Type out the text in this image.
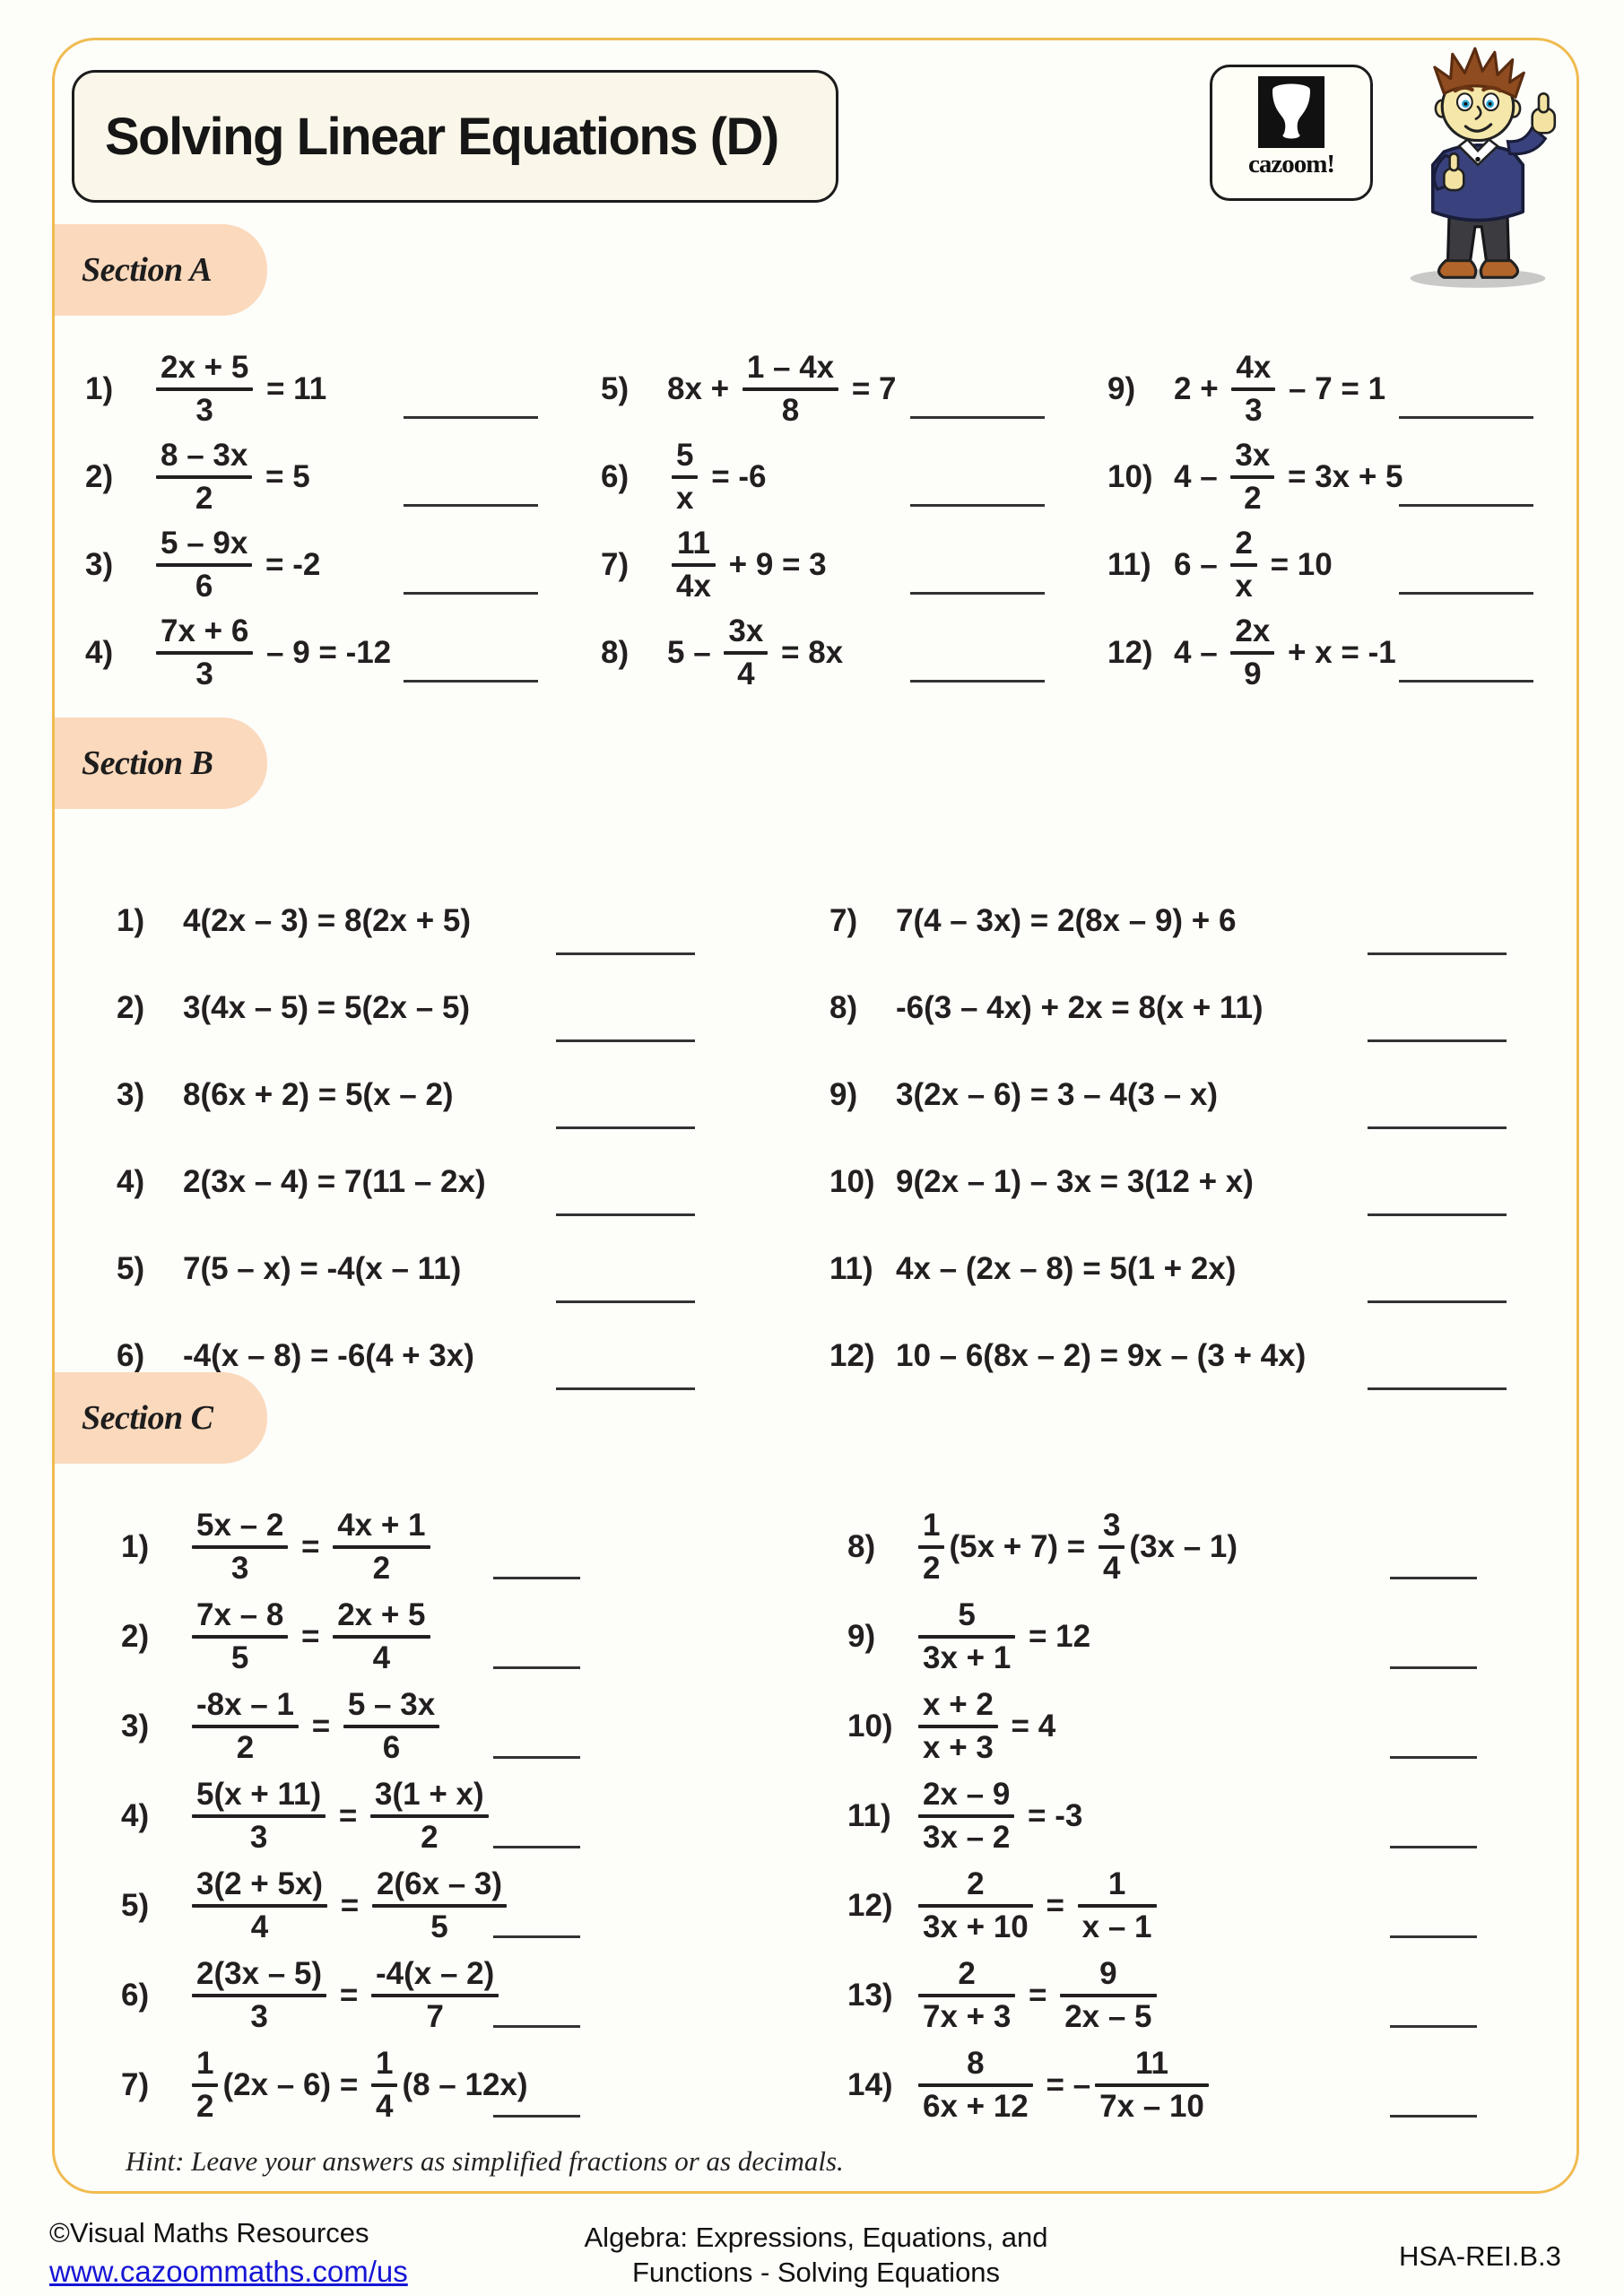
Solving Linear Equations (D)	cazoom!
Section A
1)	$\frac{2x + 5}{3} = 11$
2)	$\frac{8 - 3x}{2} = 5$
3)	$\frac{5 - 9x}{6} = -2$
4)	$\frac{7x + 6}{3} - 9 = -12$
5)	$8x + \frac{1 - 4x}{8} = 7$
6)	$\frac{5}{x} = -6$
7)	$\frac{11}{4x} + 9 = 3$
8)	$5 - \frac{3x}{4} = 8x$
9)	$2 + \frac{4x}{3} - 7 = 1$
10) $4 - \frac{3x}{2} = 3x + 5$
11) $6 - \frac{2}{x} = 10$
12) $4 - \frac{2x}{9} + x = -1$
Section B
1)	4(2x – 3) = 8(2x + 5)
2)	3(4x – 5) = 5(2x – 5)
3)	8(6x + 2) = 5(x – 2)
4)	2(3x – 4) = 7(11 – 2x)
5)	7(5 – x) = -4(x – 11)
6)	-4(x – 8) = -6(4 + 3x)
7)	7(4 – 3x) = 2(8x – 9) + 6
8)	-6(3 – 4x) + 2x = 8(x + 11)
9)	3(2x – 6) = 3 – 4(3 – x)
10) 9(2x – 1) – 3x = 3(12 + x)
11) 4x – (2x – 8) = 5(1 + 2x)
12) 10 – 6(8x – 2) = 9x – (3 + 4x)
Section C
1)	$\frac{5x - 2}{3} = \frac{4x + 1}{2}$
2)	$\frac{7x - 8}{5} = \frac{2x + 5}{4}$
3)	$\frac{-8x - 1}{2} = \frac{5 - 3x}{6}$
4)	$\frac{5(x + 11)}{3} = \frac{3(1 + x)}{2}$
5)	$\frac{3(2 + 5x)}{4} = \frac{2(6x - 3)}{5}$
6)	$\frac{2(3x - 5)}{3} = \frac{-4(x - 2)}{7}$
7)	$\frac{1}{2} (2x - 6) = \frac{1}{4} (8 - 12x)$
8)	$\frac{1}{2} (5x + 7) = \frac{3}{4} (3x - 1)$
9)	$\frac{5}{3x + 1} = 12$
$10) \frac{x + 2}{x + 3} = 4$
$11) \frac{2x - 9}{3x - 2} = -3$
$12) \frac{2}{3x + 10} = \frac{1}{x - 1}$
$13) \frac{2}{7x + 3} = \frac{9}{2x - 5}$
$14) \frac{8}{6x + 12}$ = – $\frac{11}{7x - 10}$
Hint: Leave your answers as simplified fractions or as decimals.
©Visual Maths Resources
www.cazoommaths.com/us
Algebra: Expressions, Equations, and
Functions - Solving Equations
HSA-REI.B.3
